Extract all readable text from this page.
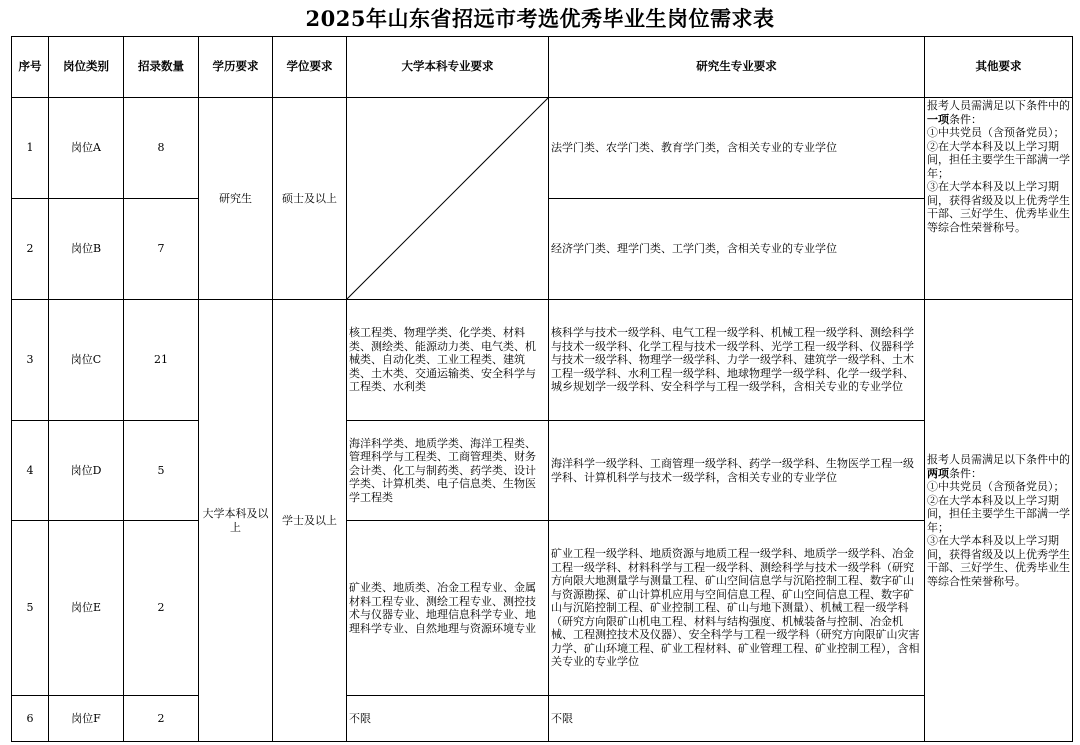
2025年山东省招远市考选优秀毕业生岗位需求表
序号	岗位类别	招录数量	学历要求	学位要求	大学本科专业要求	研究生专业要求	其他要求
1	岗位A	8	研究生	硕士及以上		法学门类、农学门类、教育学门类，含相关专业的专业学位	报考人员需满足以下条件中的一项条件：
①中共党员（含预备党员）；
②在大学本科及以上学习期间，担任主要学生干部满一学年；
③在大学本科及以上学习期间，获得省级及以上优秀学生干部、三好学生、优秀毕业生等综合性荣誉称号。
2	岗位B	7				经济学门类、理学门类、工学门类，含相关专业的专业学位	
3	岗位C	21	大学本科及以上	学士及以上	核工程类、物理学类、化学类、材料类、测绘类、能源动力类、电气类、机械类、自动化类、工业工程类、建筑类、土木类、交通运输类、安全科学与工程类、水利类	核科学与技术一级学科、电气工程一级学科、机械工程一级学科、测绘科学与技术一级学科、化学工程与技术一级学科、光学工程一级学科、仪器科学与技术一级学科、物理学一级学科、力学一级学科、建筑学一级学科、土木工程一级学科、水利工程一级学科、地球物理学一级学科、化学一级学科、城乡规划学一级学科、安全科学与工程一级学科，含相关专业的专业学位	报考人员需满足以下条件中的两项条件：
①中共党员（含预备党员）；
②在大学本科及以上学习期间，担任主要学生干部满一学年；
③在大学本科及以上学习期间，获得省级及以上优秀学生干部、三好学生、优秀毕业生等综合性荣誉称号。
4	岗位D	5			海洋科学类、地质学类、海洋工程类、管理科学与工程类、工商管理类、财务会计类、化工与制药类、药学类、设计学类、计算机类、电子信息类、生物医学工程类	海洋科学一级学科、工商管理一级学科、药学一级学科、生物医学工程一级学科、计算机科学与技术一级学科，含相关专业的专业学位	
5	岗位E	2			矿业类、地质类、冶金工程专业、金属材料工程专业、测绘工程专业、测控技术与仪器专业、地理信息科学专业、地理科学专业、自然地理与资源环境专业	矿业工程一级学科、地质资源与地质工程一级学科、地质学一级学科、冶金工程一级学科、材料科学与工程一级学科、测绘科学与技术一级学科（研究方向限大地测量学与测量工程、矿山空间信息学与沉陷控制工程、数字矿山与资源勘探、矿山计算机应用与空间信息工程、矿山空间信息工程、数字矿山与沉陷控制工程、矿业控制工程、矿山与地下测量）、机械工程一级学科（研究方向限矿山机电工程、材料与结构强度、机械装备与控制、冶金机械、工程测控技术及仪器）、安全科学与工程一级学科（研究方向限矿山灾害力学、矿山环境工程、矿业工程材料、矿业管理工程、矿业控制工程），含相关专业的专业学位	
6	岗位F	2			不限	不限	
